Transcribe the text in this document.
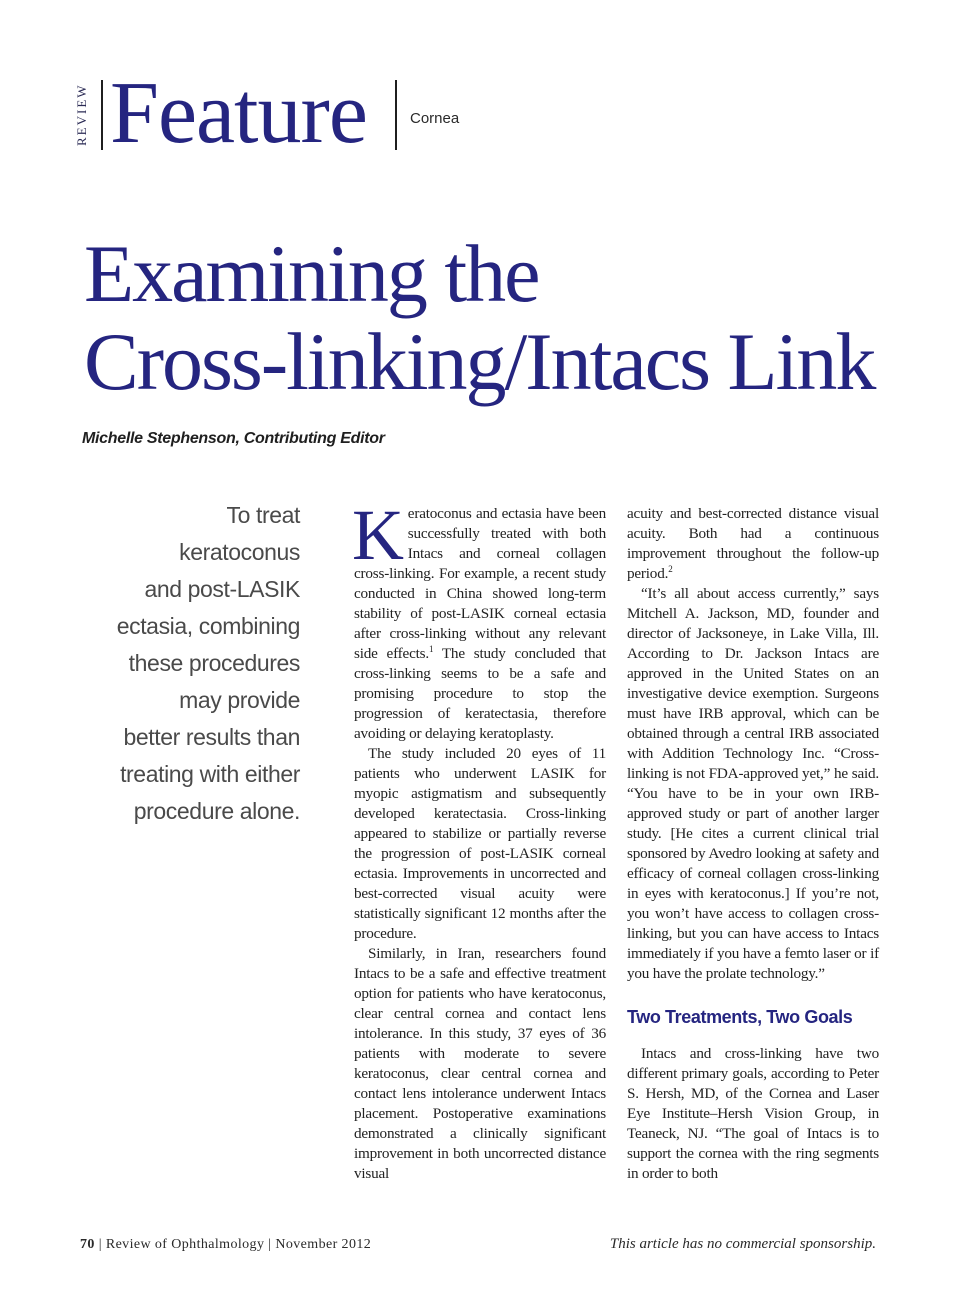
REVIEW Feature	Cornea
Examining the
Cross-linking/Intacs Link
Michelle Stephenson, Contributing Editor
To treat
keratoconus
and post-LASIK
ectasia, combining
these procedures
may provide
better results than
treating with either
procedure alone.

Keratoconus and ectasia have been successfully treated with both Intacs and corneal collagen cross-linking. For example, a recent study conducted in China showed long-term stability of post-LASIK corneal ectasia after cross-linking without any relevant side effects.$^1$ The study concluded that cross-linking seems to be a safe and promising procedure to stop the progression of keratectasia, therefore avoiding or delaying keratoplasty.

The study included 20 eyes of 11 patients who underwent LASIK for myopic astigmatism and subsequently developed keratectasia. Cross-linking appeared to stabilize or partially reverse the progression of post-LASIK corneal ectasia. Improvements in uncorrected and best-corrected visual acuity were statistically significant 12 months after the procedure.

Similarly, in Iran, researchers found Intacs to be a safe and effective treatment option for patients who have keratoconus, clear central cornea and contact lens intolerance. In this study, 37 eyes of 36 patients with moderate to severe keratoconus, clear central cornea and contact lens intolerance underwent Intacs placement. Postoperative examinations demonstrated a clinically significant improvement in both uncorrected distance visual

acuity and best-corrected distance visual acuity. Both had a continuous improvement throughout the follow-up period.$^2$

“It’s all about access currently,” says Mitchell A. Jackson, MD, founder and director of Jacksoneye, in Lake Villa, Ill. According to Dr. Jackson Intacs are approved in the United States on an investigative device exemption. Surgeons must have IRB approval, which can be obtained through a central IRB associated with Addition Technology Inc. “Cross-linking is not FDA-approved yet,” he said. “You have to be in your own IRB-approved study or part of another larger study. [He cites a current clinical trial sponsored by Avedro looking at safety and efficacy of corneal collagen cross-linking in eyes with keratoconus.] If you’re not, you won’t have access to collagen cross-linking, but you can have access to Intacs immediately if you have a femto laser or if you have the prolate technology.”

Two Treatments, Two Goals

Intacs and cross-linking have two different primary goals, according to Peter S. Hersh, MD, of the Cornea and Laser Eye Institute–Hersh Vision Group, in Teaneck, NJ. “The goal of Intacs is to support the cornea with the ring segments in order to both

70 | Review of Ophthalmology | November 2012	This article has no commercial sponsorship.
